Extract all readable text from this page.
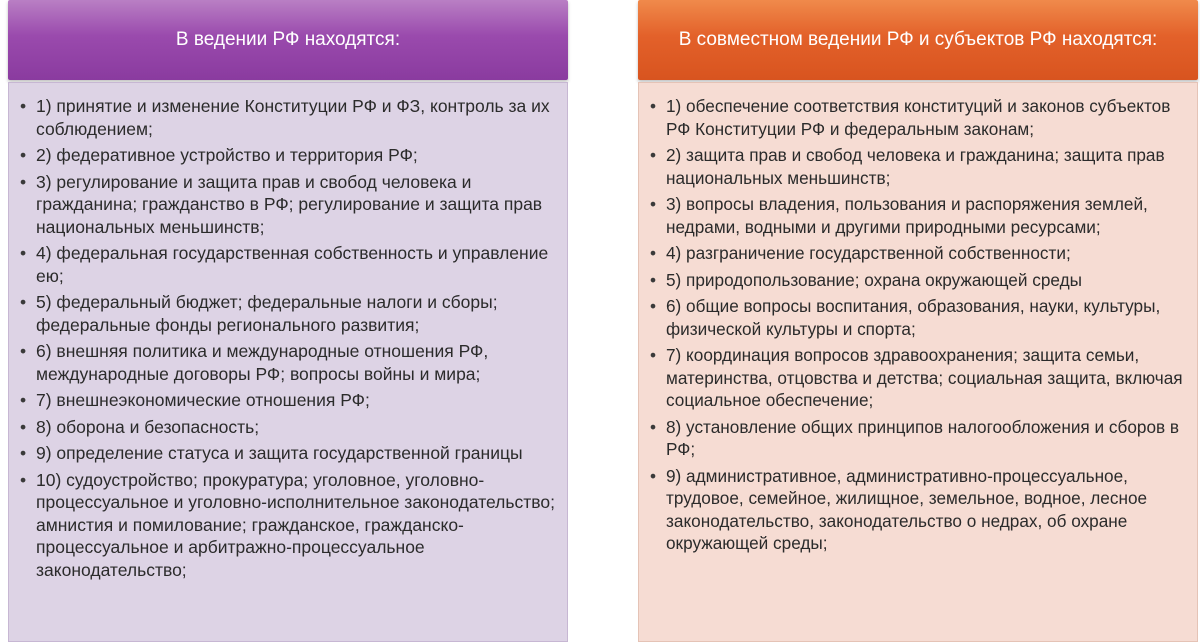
В ведении РФ находятся:
• 1) принятие и изменение Конституции РФ и ФЗ, контроль за их соблюдением;
• 2) федеративное устройство и территория РФ;
• 3) регулирование и защита прав и свобод человека и гражданина; гражданство в РФ; регулирование и защита прав национальных меньшинств;
• 4) федеральная государственная собственность и управление ею;
• 5) федеральный бюджет; федеральные налоги и сборы; федеральные фонды регионального развития;
• 6) внешняя политика и международные отношения РФ, международные договоры РФ; вопросы войны и мира;
• 7) внешнеэкономические отношения РФ;
• 8) оборона и безопасность;
• 9) определение статуса и защита государственной границы
• 10) судоустройство; прокуратура; уголовное, уголовно-процессуальное и уголовно-исполнительное законодательство; амнистия и помилование; гражданское, гражданско-процессуальное и арбитражно-процессуальное законодательство;
В совместном ведении РФ и субъектов РФ находятся:
• 1) обеспечение соответствия конституций и законов субъектов РФ Конституции РФ и федеральным законам;
• 2) защита прав и свобод человека и гражданина; защита прав национальных меньшинств;
• 3) вопросы владения, пользования и распоряжения землей, недрами, водными и другими природными ресурсами;
• 4) разграничение государственной собственности;
• 5) природопользование; охрана окружающей среды
• 6) общие вопросы воспитания, образования, науки, культуры, физической культуры и спорта;
• 7) координация вопросов здравоохранения; защита семьи, материнства, отцовства и детства; социальная защита, включая социальное обеспечение;
• 8) установление общих принципов налогообложения и сборов в РФ;
• 9) административное, административно-процессуальное, трудовое, семейное, жилищное, земельное, водное, лесное законодательство, законодательство о недрах, об охране окружающей среды;
